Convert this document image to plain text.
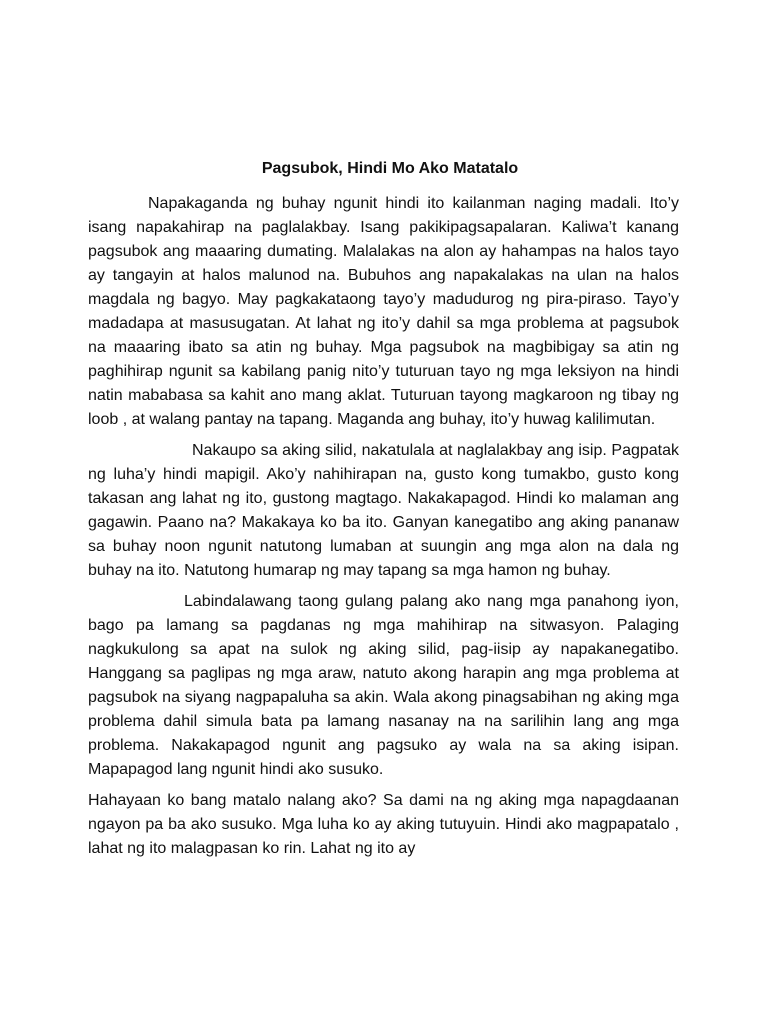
Pagsubok, Hindi Mo Ako Matatalo

Napakaganda ng buhay ngunit hindi ito kailanman naging madali. Ito’y isang napakahirap na paglalakbay. Isang pakikipagsapalaran. Kaliwa’t kanang pagsubok ang maaaring dumating. Malalakas na alon ay hahampas na halos tayo ay tangayin at halos malunod na. Bubuhos ang napakalakas na ulan na halos magdala ng bagyo. May pagkakataong tayo’y madudurog ng pira-piraso. Tayo’y madadapa at masusugatan. At lahat ng ito’y dahil sa mga problema at pagsubok na maaaring ibato sa atin ng buhay. Mga pagsubok na magbibigay sa atin ng paghihirap ngunit sa kabilang panig nito’y tuturuan tayo ng mga leksiyon na hindi natin mababasa sa kahit ano mang aklat. Tuturuan tayong magkaroon ng tibay ng loob , at walang pantay na tapang. Maganda ang buhay, ito’y huwag kalilimutan.

Nakaupo sa aking silid, nakatulala at naglalakbay ang isip. Pagpatak ng luha’y hindi mapigil. Ako’y nahihirapan na, gusto kong tumakbo, gusto kong takasan ang lahat ng ito, gustong magtago. Nakakapagod. Hindi ko malaman ang gagawin. Paano na? Makakaya ko ba ito. Ganyan kanegatibo ang aking pananaw sa buhay noon ngunit natutong lumaban at suungin ang mga alon na dala ng buhay na ito. Natutong humarap ng may tapang sa mga hamon ng buhay.

Labindalawang taong gulang palang ako nang mga panahong iyon, bago pa lamang sa pagdanas ng mga mahihirap na sitwasyon. Palaging nagkukulong sa apat na sulok ng aking silid, pag-iisip ay napakanegatibo. Hanggang sa paglipas ng mga araw, natuto akong harapin ang mga problema at pagsubok na siyang nagpapaluha sa akin. Wala akong pinagsabihan ng aking mga problema dahil simula bata pa lamang nasanay na na sarilihin lang ang mga problema. Nakakapagod ngunit ang pagsuko ay wala na sa aking isipan. Mapapagod lang ngunit hindi ako susuko.

Hahayaan ko bang matalo nalang ako? Sa dami na ng aking mga napagdaanan ngayon pa ba ako susuko. Mga luha ko ay aking tutuyuin. Hindi ako magpapatalo , lahat ng ito malagpasan ko rin. Lahat ng ito ay
